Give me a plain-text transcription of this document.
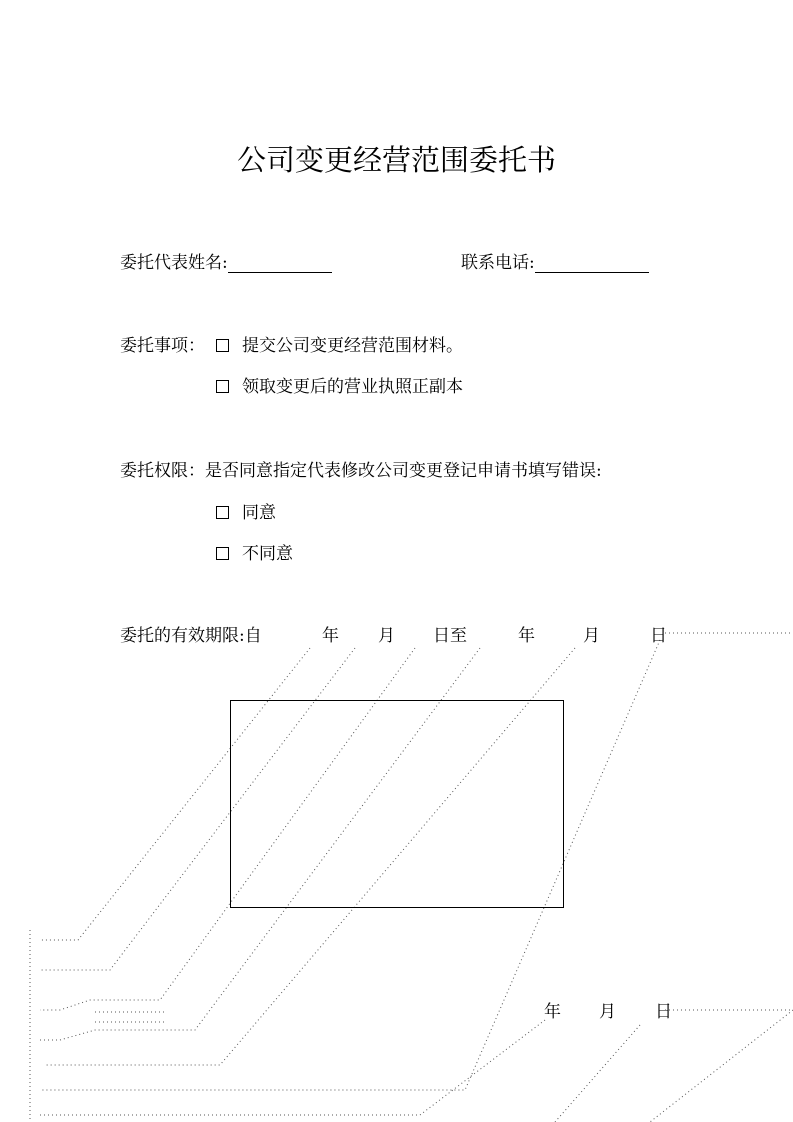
公司变更经营范围委托书
委托代表姓名:	联系电话:
委托事项：	提交公司变更经营范围材料。
领取变更后的营业执照正副本
委托权限：是否同意指定代表修改公司变更登记申请书填写错误:
同意
不同意
委托的有效期限:自	年 月 日至	年	月	日
年 月 日
